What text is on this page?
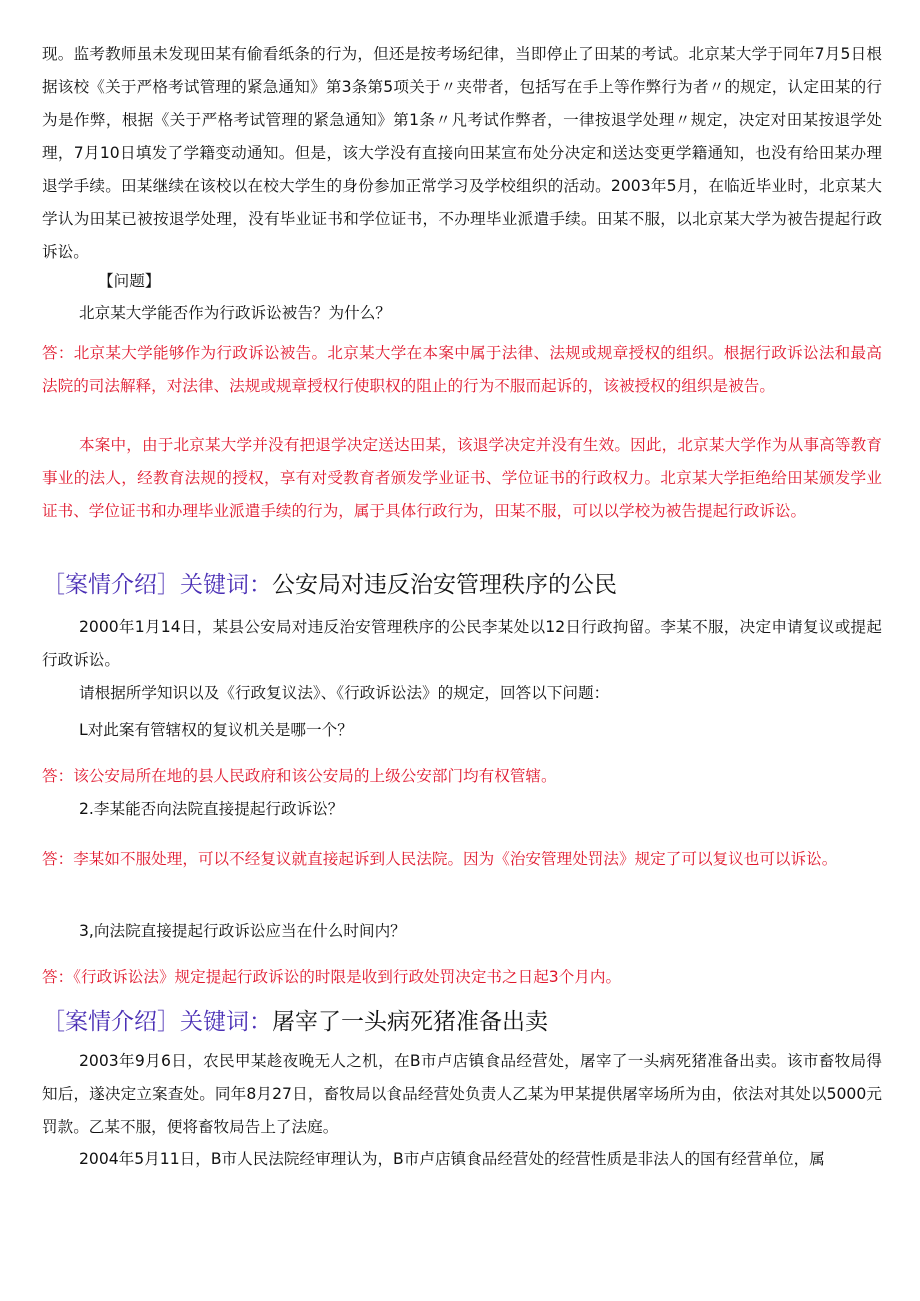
现。监考教师虽未发现田某有偷看纸条的行为，但还是按考场纪律，当即停止了田某的考试。北京某大学于同年7月5日根据该校《关于严格考试管理的紧急通知》第3条第5项关于〃夹带者，包括写在手上等作弊行为者〃的规定，认定田某的行为是作弊，根据《关于严格考试管理的紧急通知》第1条〃凡考试作弊者，一律按退学处理〃规定，决定对田某按退学处理，7月10日填发了学籍变动通知。但是，该大学没有直接向田某宣布处分决定和送达变更学籍通知，也没有给田某办理退学手续。田某继续在该校以在校大学生的身份参加正常学习及学校组织的活动。2003年5月，在临近毕业时，北京某大学认为田某已被按退学处理，没有毕业证书和学位证书，不办理毕业派遣手续。田某不服，以北京某大学为被告提起行政诉讼。

【问题】

北京某大学能否作为行政诉讼被告？为什么？

答：北京某大学能够作为行政诉讼被告。北京某大学在本案中属于法律、法规或规章授权的组织。根据行政诉讼法和最高法院的司法解释，对法律、法规或规章授权行使职权的阻止的行为不服而起诉的，该被授权的组织是被告。

本案中，由于北京某大学并没有把退学决定送达田某，该退学决定并没有生效。因此，北京某大学作为从事高等教育事业的法人，经教育法规的授权，享有对受教育者颁发学业证书、学位证书的行政权力。北京某大学拒绝给田某颁发学业证书、学位证书和办理毕业派遣手续的行为，属于具体行政行为，田某不服，可以以学校为被告提起行政诉讼。

［案情介绍］关键词：公安局对违反治安管理秩序的公民

2000年1月14日，某县公安局对违反治安管理秩序的公民李某处以12日行政拘留。李某不服，决定申请复议或提起行政诉讼。

请根据所学知识以及《行政复议法》、《行政诉讼法》的规定，回答以下问题：

L对此案有管辖权的复议机关是哪一个？

答：该公安局所在地的县人民政府和该公安局的上级公安部门均有权管辖。

2.李某能否向法院直接提起行政诉讼？

答：李某如不服处理，可以不经复议就直接起诉到人民法院。因为《治安管理处罚法》规定了可以复议也可以诉讼。

3,向法院直接提起行政诉讼应当在什么时间内？

答：《行政诉讼法》规定提起行政诉讼的时限是收到行政处罚决定书之日起3个月内。

［案情介绍］关键词：屠宰了一头病死猪准备出卖

2003年9月6日，农民甲某趁夜晚无人之机，在B市卢店镇食品经营处，屠宰了一头病死猪准备出卖。该市畜牧局得知后，遂决定立案查处。同年8月27日，畜牧局以食品经营处负责人乙某为甲某提供屠宰场所为由，依法对其处以5000元罚款。乙某不服，便将畜牧局告上了法庭。

2004年5月11日，B市人民法院经审理认为，B市卢店镇食品经营处的经营性质是非法人的国有经营单位，属
